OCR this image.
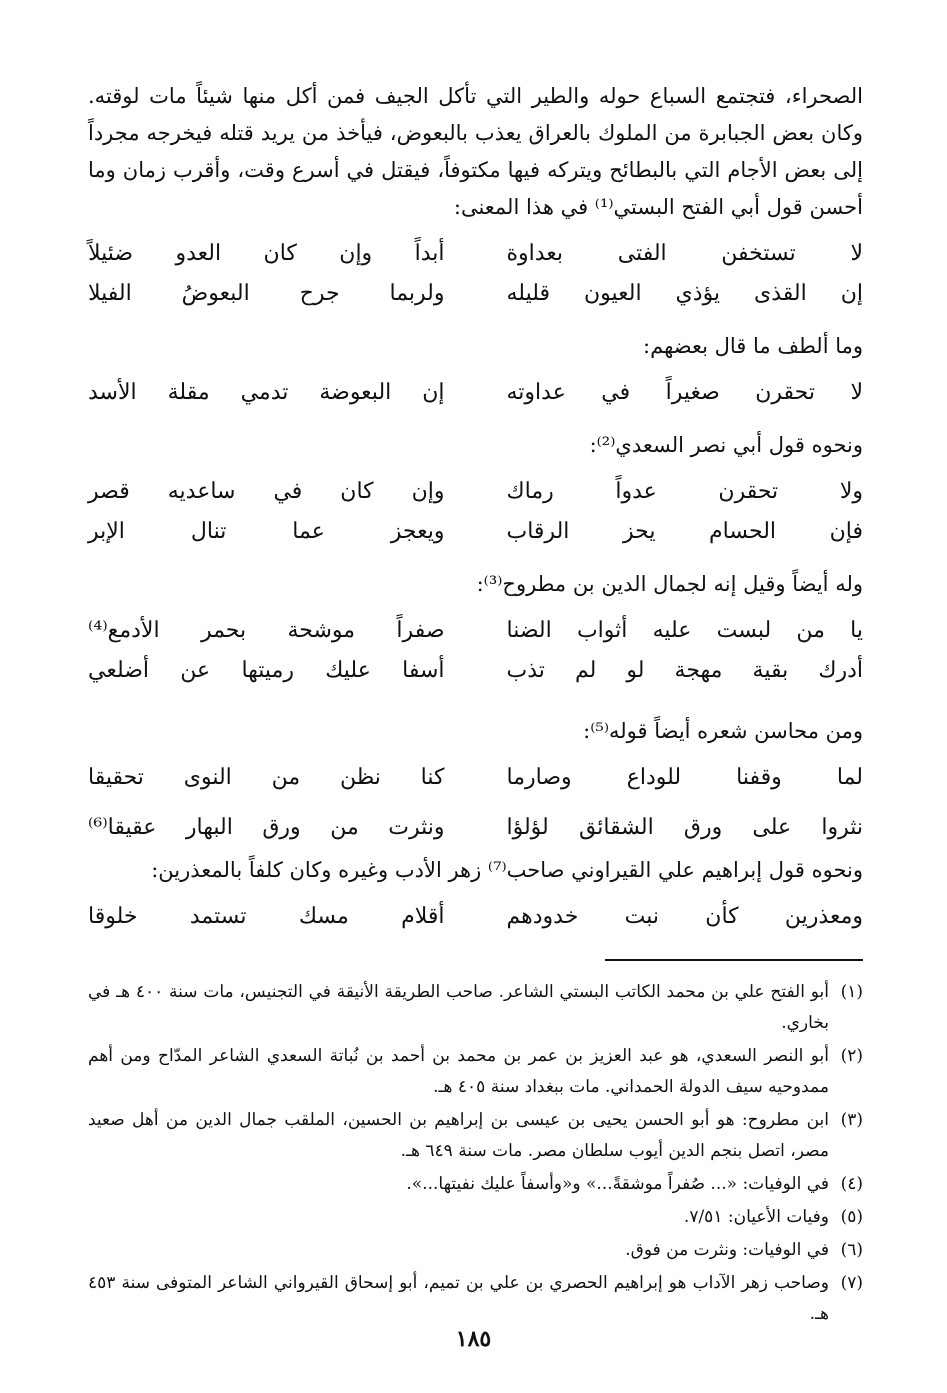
الصحراء، فتجتمع السباع حوله والطير التي تأكل الجيف فمن أكل منها شيئاً مات لوقته. وكان بعض الجبابرة من الملوك بالعراق يعذب بالبعوض، فيأخذ من يريد قتله فيخرجه مجرداً إلى بعض الأجام التي بالبطائح ويتركه فيها مكتوفاً، فيقتل في أسرع وقت، وأقرب زمان وما أحسن قول أبي الفتح البستي⁽¹⁾ في هذا المعنى:

لا تستخفن الفتى بعداوة
أبداً وإن كان العدو ضئيلاً
إن القذى يؤذي العيون قليله
ولربما جرح البعوضُ الفيلا

وما ألطف ما قال بعضهم:

لا تحقرن صغيراً في عداوته
إن البعوضة تدمي مقلة الأسد

ونحوه قول أبي نصر السعدي⁽²⁾:

ولا تحقرن عدواً رماك
وإن كان في ساعديه قصر
فإن الحسام يحز الرقاب
ويعجز عما تنال الإبر

وله أيضاً وقيل إنه لجمال الدين بن مطروح⁽³⁾:

يا من لبست عليه أثواب الضنا
صفراً موشحة بحمر الأدمع⁽⁴⁾
أدرك بقية مهجة لو لم تذب
أسفا عليك رميتها عن أضلعي

ومن محاسن شعره أيضاً قوله⁽⁵⁾:

لما وقفنا للوداع وصارما
كنا نظن من النوى تحقيقا
نثروا على ورق الشقائق لؤلؤا
ونثرت من ورق البهار عقيقا⁽⁶⁾

ونحوه قول إبراهيم علي القيراوني صاحب⁽⁷⁾ زهر الأدب وغيره وكان كلفاً بالمعذرين:

ومعذرين كأن نبت خدودهم
أقلام مسك تستمد خلوقا
(١)
أبو الفتح علي بن محمد الكاتب البستي الشاعر. صاحب الطريقة الأنيقة في التجنيس، مات سنة ٤٠٠ هـ في بخاري.
(٢)
أبو النصر السعدي، هو عبد العزيز بن عمر بن محمد بن أحمد بن نُباتة السعدي الشاعر المدّاح ومن أهم ممدوحيه سيف الدولة الحمداني. مات ببغداد سنة ٤٠٥ هـ.
(٣)
ابن مطروح: هو أبو الحسن يحيى بن عيسى بن إبراهيم بن الحسين، الملقب جمال الدين من أهل صعيد مصر، اتصل بنجم الدين أيوب سلطان مصر. مات سنة ٦٤٩ هـ.
(٤)
في الوفيات: «... صُفراً موشقةً...» و«وأسفاً عليك نفيتها...».
(٥)
وفيات الأعيان: ٧/٥١.
(٦)
في الوفيات: ونثرت من فوق.
(٧)
وصاحب زهر الآداب هو إبراهيم الحصري بن علي بن تميم، أبو إسحاق القيرواني الشاعر المتوفى سنة ٤٥٣ هـ.
١٨٥
